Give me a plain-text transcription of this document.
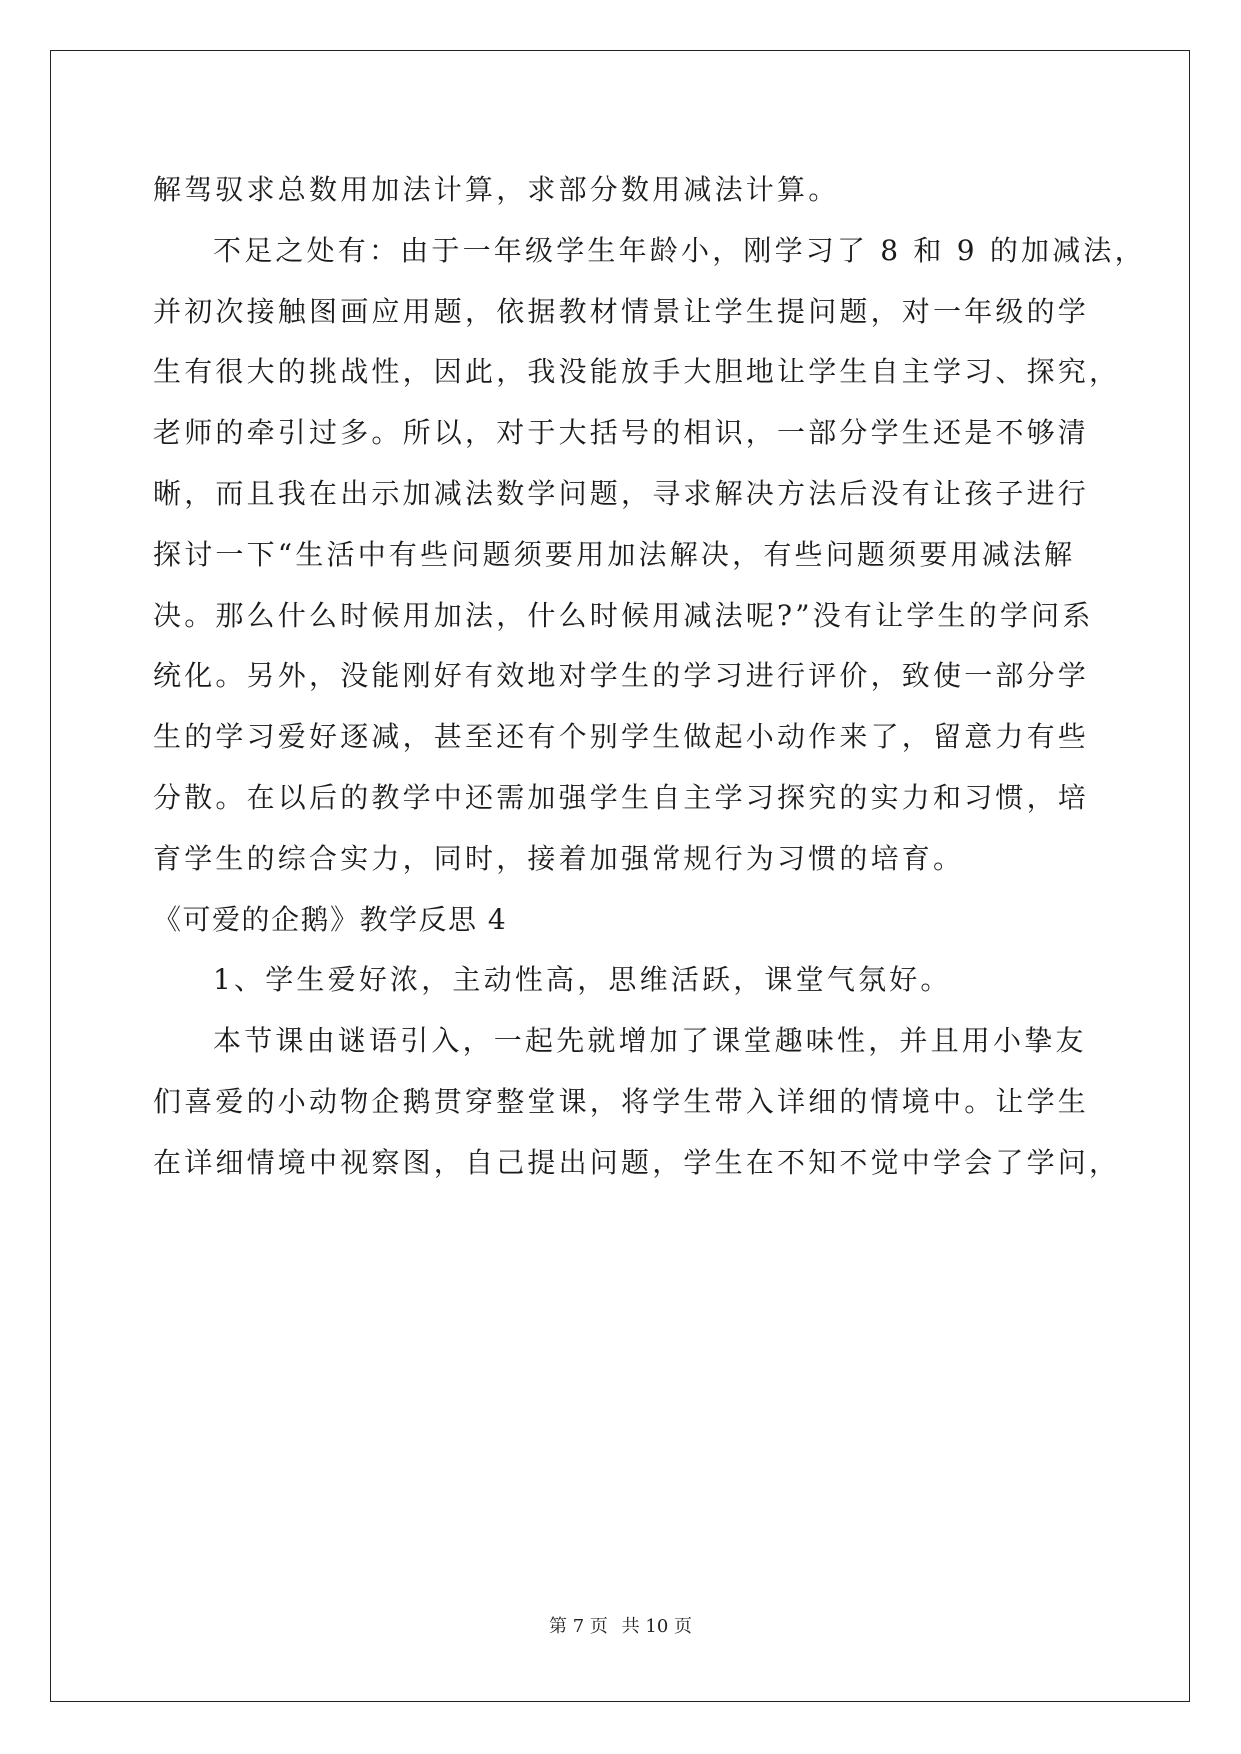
解驾驭求总数用加法计算，求部分数用减法计算。

不足之处有：由于一年级学生年龄小，刚学习了 8 和 9 的加减法，

并初次接触图画应用题，依据教材情景让学生提问题，对一年级的学

生有很大的挑战性，因此，我没能放手大胆地让学生自主学习、探究，

老师的牵引过多。所以，对于大括号的相识，一部分学生还是不够清

晰，而且我在出示加减法数学问题，寻求解决方法后没有让孩子进行

探讨一下“生活中有些问题须要用加法解决，有些问题须要用减法解

决。那么什么时候用加法，什么时候用减法呢?”没有让学生的学问系

统化。另外，没能刚好有效地对学生的学习进行评价，致使一部分学

生的学习爱好逐减，甚至还有个别学生做起小动作来了，留意力有些

分散。在以后的教学中还需加强学生自主学习探究的实力和习惯，培

育学生的综合实力，同时，接着加强常规行为习惯的培育。

《可爱的企鹅》教学反思 4

1、学生爱好浓，主动性高，思维活跃，课堂气氛好。

本节课由谜语引入，一起先就增加了课堂趣味性，并且用小挚友

们喜爱的小动物企鹅贯穿整堂课，将学生带入详细的情境中。让学生

在详细情境中视察图，自己提出问题，学生在不知不觉中学会了学问，

第 7 页 共 10 页
